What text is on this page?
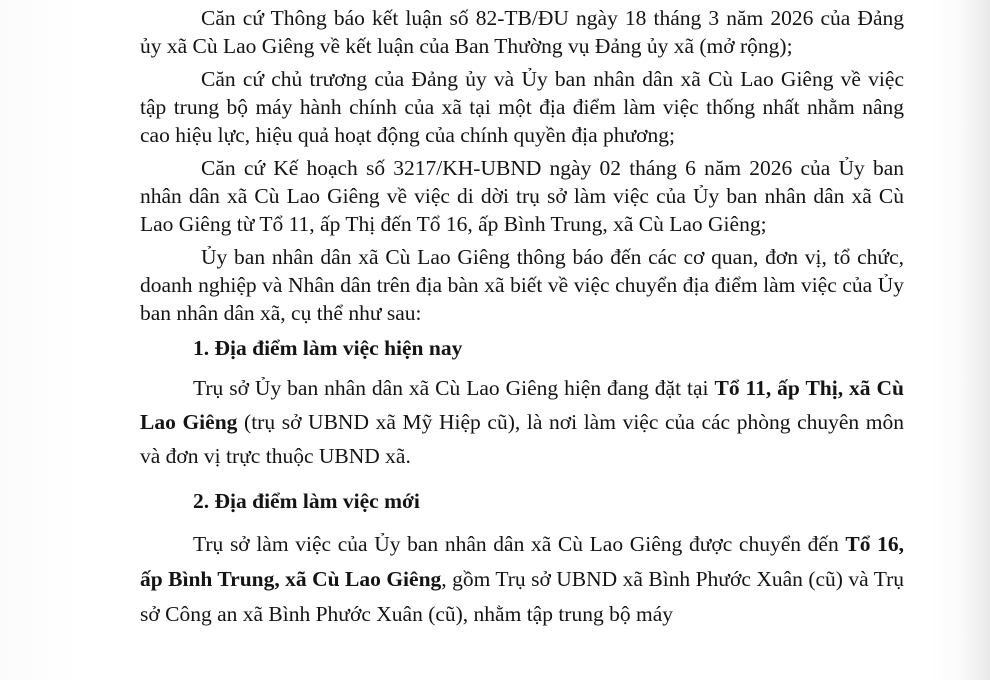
Căn cứ Thông báo kết luận số 82-TB/ĐU ngày 18 tháng 3 năm 2026 của Đảng ủy xã Cù Lao Giêng về kết luận của Ban Thường vụ Đảng ủy xã (mở rộng);

Căn cứ chủ trương của Đảng ủy và Ủy ban nhân dân xã Cù Lao Giêng về việc tập trung bộ máy hành chính của xã tại một địa điểm làm việc thống nhất nhằm nâng cao hiệu lực, hiệu quả hoạt động của chính quyền địa phương;

Căn cứ Kế hoạch số 3217/KH-UBND ngày 02 tháng 6 năm 2026 của Ủy ban nhân dân xã Cù Lao Giêng về việc di dời trụ sở làm việc của Ủy ban nhân dân xã Cù Lao Giêng từ Tổ 11, ấp Thị đến Tổ 16, ấp Bình Trung, xã Cù Lao Giêng;

Ủy ban nhân dân xã Cù Lao Giêng thông báo đến các cơ quan, đơn vị, tổ chức, doanh nghiệp và Nhân dân trên địa bàn xã biết về việc chuyển địa điểm làm việc của Ủy ban nhân dân xã, cụ thể như sau:

1. Địa điểm làm việc hiện nay

Trụ sở Ủy ban nhân dân xã Cù Lao Giêng hiện đang đặt tại Tổ 11, ấp Thị, xã Cù Lao Giêng (trụ sở UBND xã Mỹ Hiệp cũ), là nơi làm việc của các phòng chuyên môn và đơn vị trực thuộc UBND xã.

2. Địa điểm làm việc mới

Trụ sở làm việc của Ủy ban nhân dân xã Cù Lao Giêng được chuyển đến Tổ 16, ấp Bình Trung, xã Cù Lao Giêng, gồm Trụ sở UBND xã Bình Phước Xuân (cũ) và Trụ sở Công an xã Bình Phước Xuân (cũ), nhằm tập trung bộ máy
